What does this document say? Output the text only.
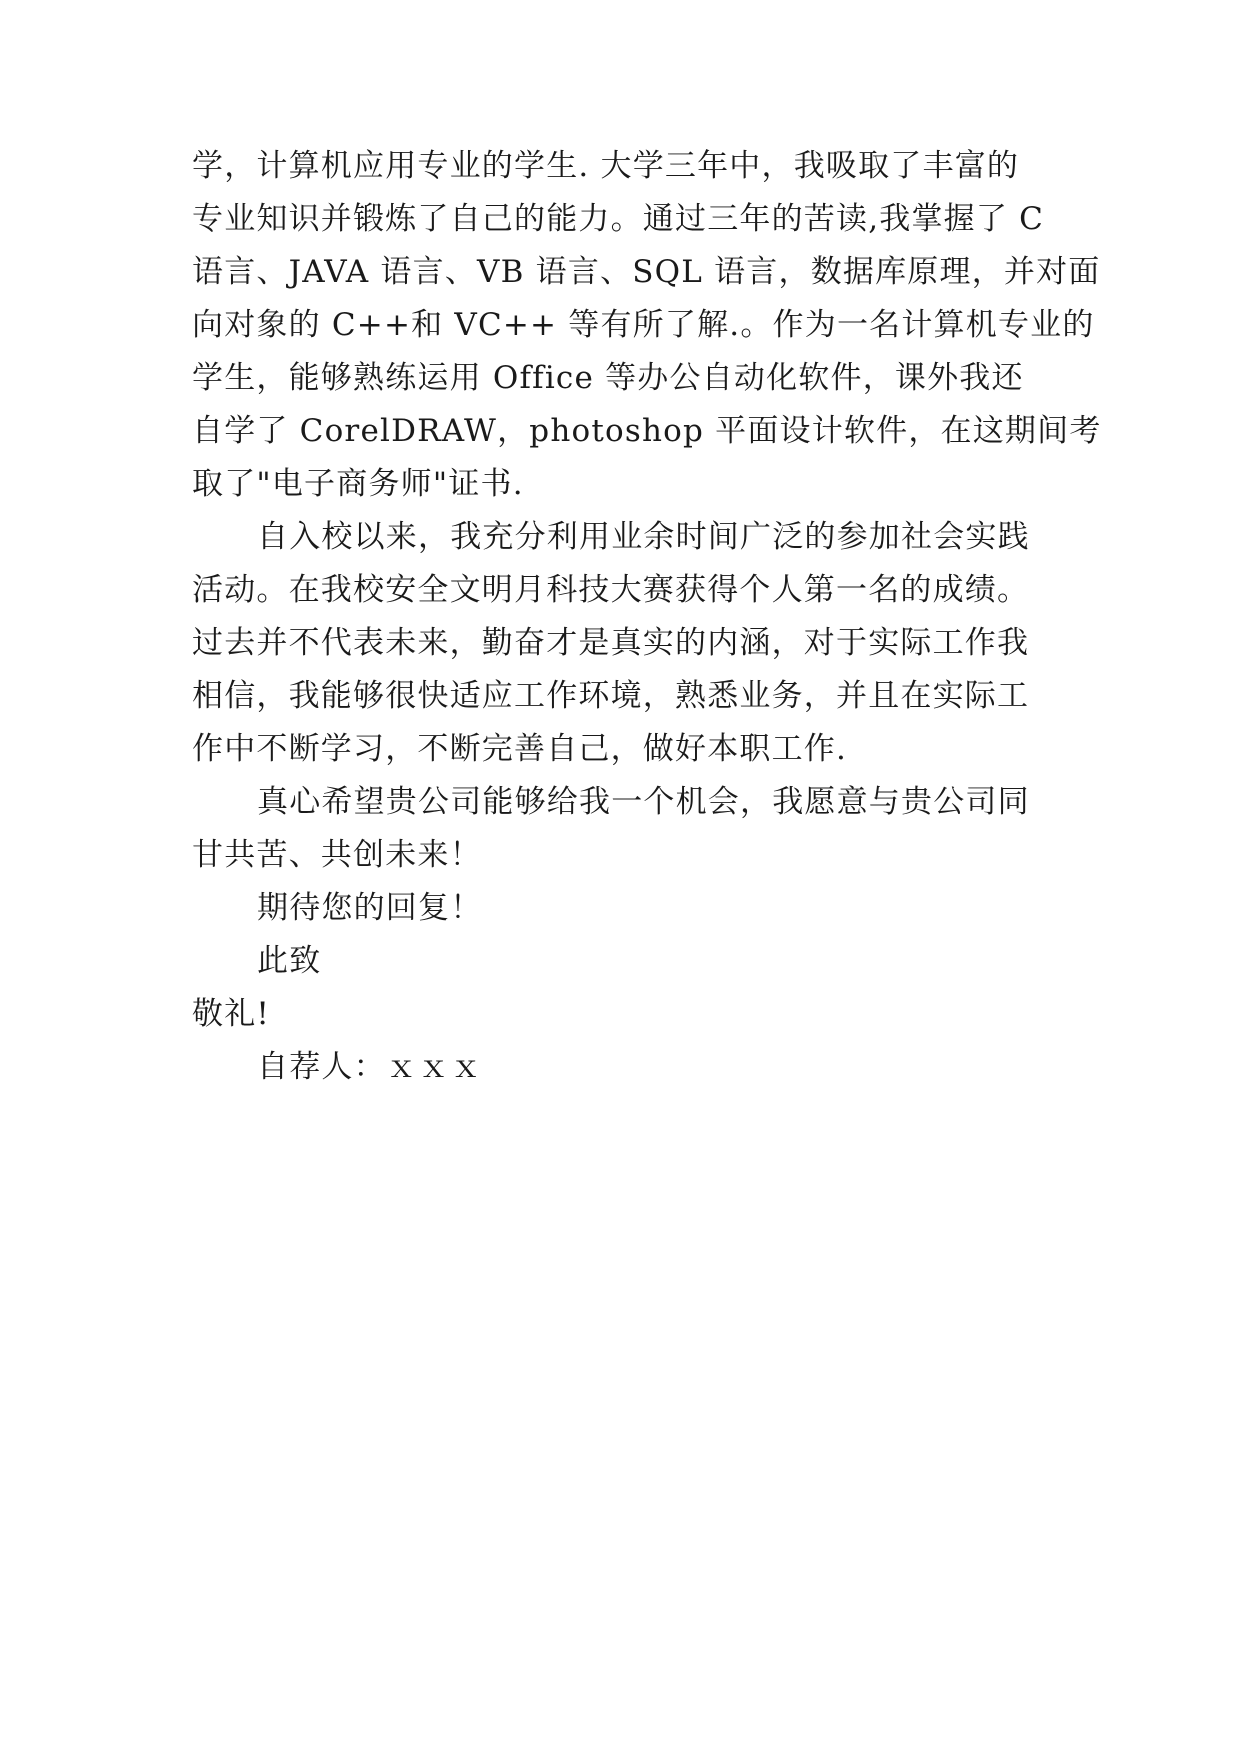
学，计算机应用专业的学生. 大学三年中，我吸取了丰富的
专业知识并锻炼了自己的能力。通过三年的苦读,我掌握了 C
语言、JAVA 语言、VB 语言、SQL 语言，数据库原理，并对面
向对象的 C++和 VC++ 等有所了解.。作为一名计算机专业的
学生，能够熟练运用 Office 等办公自动化软件，课外我还
自学了 CorelDRAW，photoshop 平面设计软件，在这期间考
取了"电子商务师"证书.
自入校以来，我充分利用业余时间广泛的参加社会实践
活动。在我校安全文明月科技大赛获得个人第一名的成绩。
过去并不代表未来，勤奋才是真实的内涵，对于实际工作我
相信，我能够很快适应工作环境，熟悉业务，并且在实际工
作中不断学习，不断完善自己，做好本职工作.
真心希望贵公司能够给我一个机会，我愿意与贵公司同
甘共苦、共创未来！
期待您的回复！
此致
敬礼!
自荐人：ｘｘｘ
